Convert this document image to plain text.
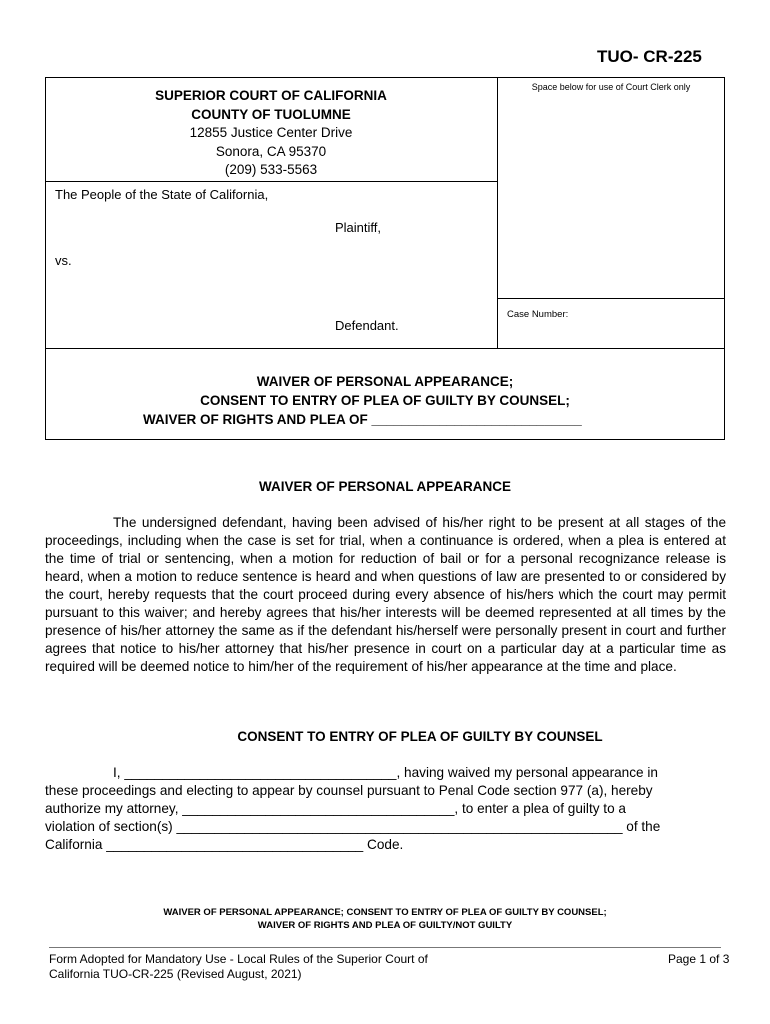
TUO- CR-225
SUPERIOR COURT OF CALIFORNIA
COUNTY OF TUOLUMNE
12855 Justice Center Drive
Sonora, CA 95370
(209) 533-5563
Space below for use of Court Clerk only
The People of the State of California,
Plaintiff,
vs.
Defendant.
Case Number:
WAIVER OF PERSONAL APPEARANCE;
CONSENT TO ENTRY OF PLEA OF GUILTY BY COUNSEL;
WAIVER OF RIGHTS AND PLEA OF ____________________________
WAIVER OF PERSONAL APPEARANCE
The undersigned defendant, having been advised of his/her right to be present at all stages of the proceedings, including when the case is set for trial, when a continuance is ordered, when a plea is entered at the time of trial or sentencing, when a motion for reduction of bail or for a personal recognizance release is heard, when a motion to reduce sentence is heard and when questions of law are presented to or considered by the court, hereby requests that the court proceed during every absence of his/hers which the court may permit pursuant to this waiver; and hereby agrees that his/her interests will be deemed represented at all times by the presence of his/her attorney the same as if the defendant his/herself were personally present in court and further agrees that notice to his/her attorney that his/her presence in court on a particular day at a particular time as required will be deemed notice to him/her of the requirement of his/her appearance at the time and place.
CONSENT TO ENTRY OF PLEA OF GUILTY BY COUNSEL
I, ____________________________________, having waived my personal appearance in
these proceedings and electing to appear by counsel pursuant to Penal Code section 977 (a), hereby
authorize my attorney, ____________________________________, to enter a plea of guilty to a
violation of section(s) ___________________________________________________________ of the
California __________________________________ Code.
WAIVER OF PERSONAL APPEARANCE; CONSENT TO ENTRY OF PLEA OF GUILTY BY COUNSEL;
WAIVER OF RIGHTS AND PLEA OF GUILTY/NOT GUILTY
Form Adopted for Mandatory Use - Local Rules of the Superior Court of
California TUO-CR-225 (Revised August, 2021)
Page 1 of 3
